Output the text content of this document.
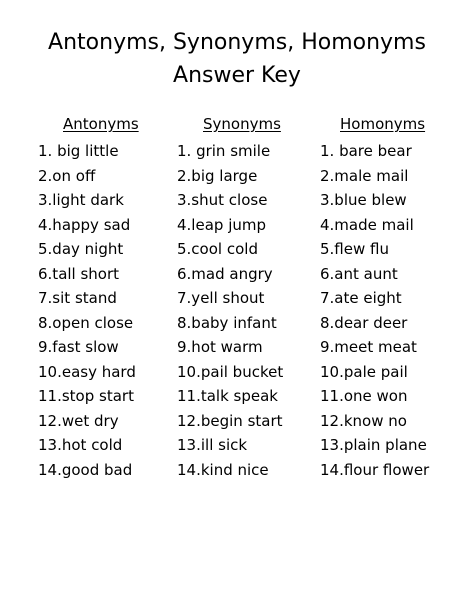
Antonyms, Synonyms, Homonyms
Answer Key
Antonyms
1. big little
2.on off
3.light dark
4.happy sad
5.day night
6.tall short
7.sit stand
8.open close
9.fast slow
10.easy hard
11.stop start
12.wet dry
13.hot cold
14.good bad
Synonyms
1. grin smile
2.big large
3.shut close
4.leap jump
5.cool cold
6.mad angry
7.yell shout
8.baby infant
9.hot warm
10.pail bucket
11.talk speak
12.begin start
13.ill sick
14.kind nice
Homonyms
1. bare bear
2.male mail
3.blue blew
4.made mail
5.flew flu
6.ant aunt
7.ate eight
8.dear deer
9.meet meat
10.pale pail
11.one won
12.know no
13.plain plane
14.flour flower
